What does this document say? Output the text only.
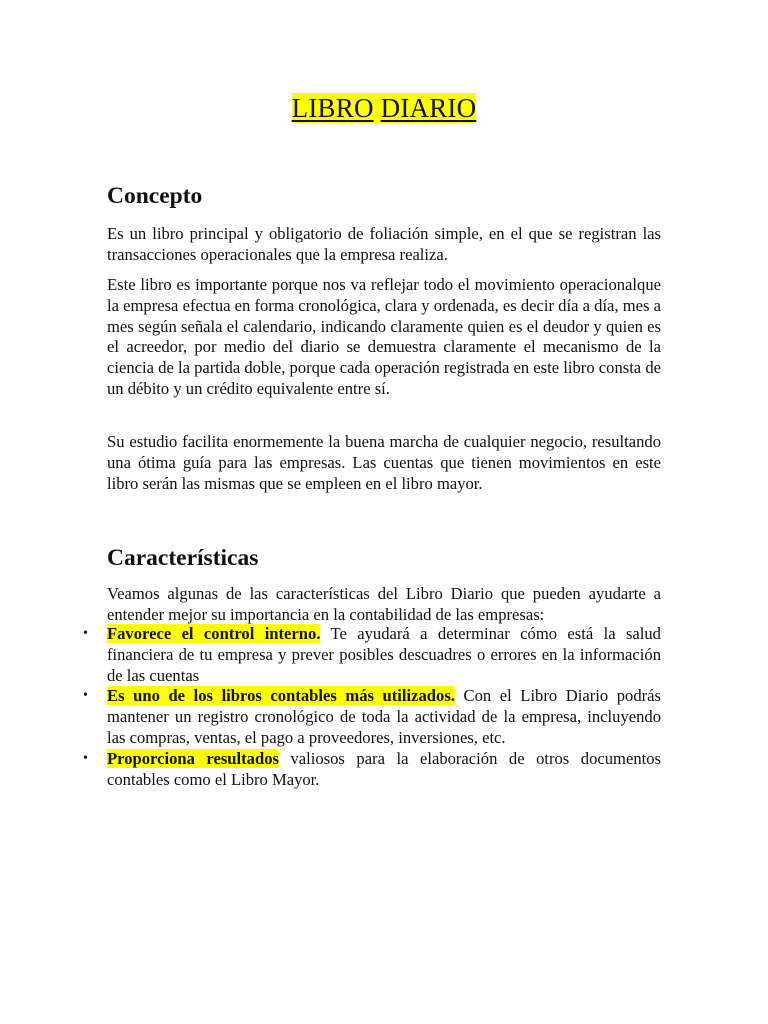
LIBRO DIARIO
Concepto

Es un libro principal y obligatorio de foliación simple, en el que se registran las transacciones operacionales que la empresa realiza.

Este libro es importante porque nos va reflejar todo el movimiento operacionalque la empresa efectua en forma cronológica, clara y ordenada, es decir día a día, mes a mes según señala el calendario, indicando claramente quien es el deudor y quien es el acreedor, por medio del diario se demuestra claramente el mecanismo de la ciencia de la partida doble, porque cada operación registrada en este libro consta de un débito y un crédito equivalente entre sí.

Su estudio facilita enormemente la buena marcha de cualquier negocio, resultando una ótima guía para las empresas. Las cuentas que tienen movimientos en este libro serán las mismas que se empleen en el libro mayor.

Características

Veamos algunas de las características del Libro Diario que pueden ayudarte a entender mejor su importancia en la contabilidad de las empresas:

• Favorece el control interno. Te ayudará a determinar cómo está la salud financiera de tu empresa y prever posibles descuadres o errores en la información de las cuentas
• Es uno de los libros contables más utilizados. Con el Libro Diario podrás mantener un registro cronológico de toda la actividad de la empresa, incluyendo las compras, ventas, el pago a proveedores, inversiones, etc.
• Proporciona resultados valiosos para la elaboración de otros documentos contables como el Libro Mayor.
